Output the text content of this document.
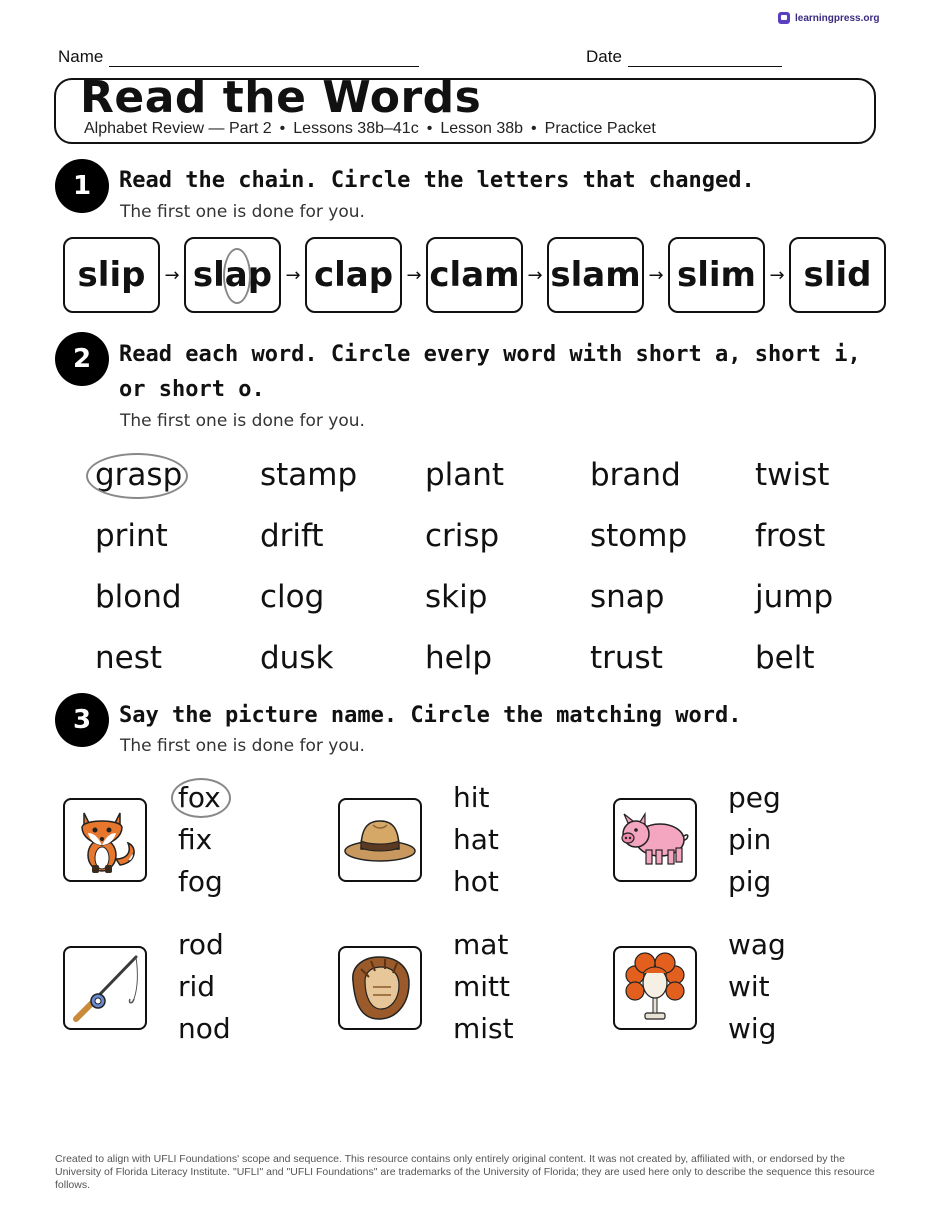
learningpress.org
Name	Date
Read the Words
Alphabet Review — Part 2 • Lessons 38b–41c • Lesson 38b • Practice Packet
1	Read the chain. Circle the letters that changed.
The first one is done for you.
slip → slap → clap → clam → slam → slim → slid
2	Read each word. Circle every word with short a, short i,
or short o.
The first one is done for you.
grasp	stamp	plant	brand	twist
print	drift	crisp	stomp	frost
blond	clog	skip	snap	jump
nest	dusk	help	trust	belt
3	Say the picture name. Circle the matching word.
The first one is done for you.
fox
fix
fog
hit
hat
hot
peg
pin
pig
rod
rid
nod
mat
mitt
mist
wag
wit
wig
Created to align with UFLI Foundations' scope and sequence. This resource contains only entirely original content. It was not created by, affiliated with, or endorsed by the University of Florida Literacy Institute. "UFLI" and "UFLI Foundations" are trademarks of the University of Florida; they are used here only to describe the sequence this resource follows.
